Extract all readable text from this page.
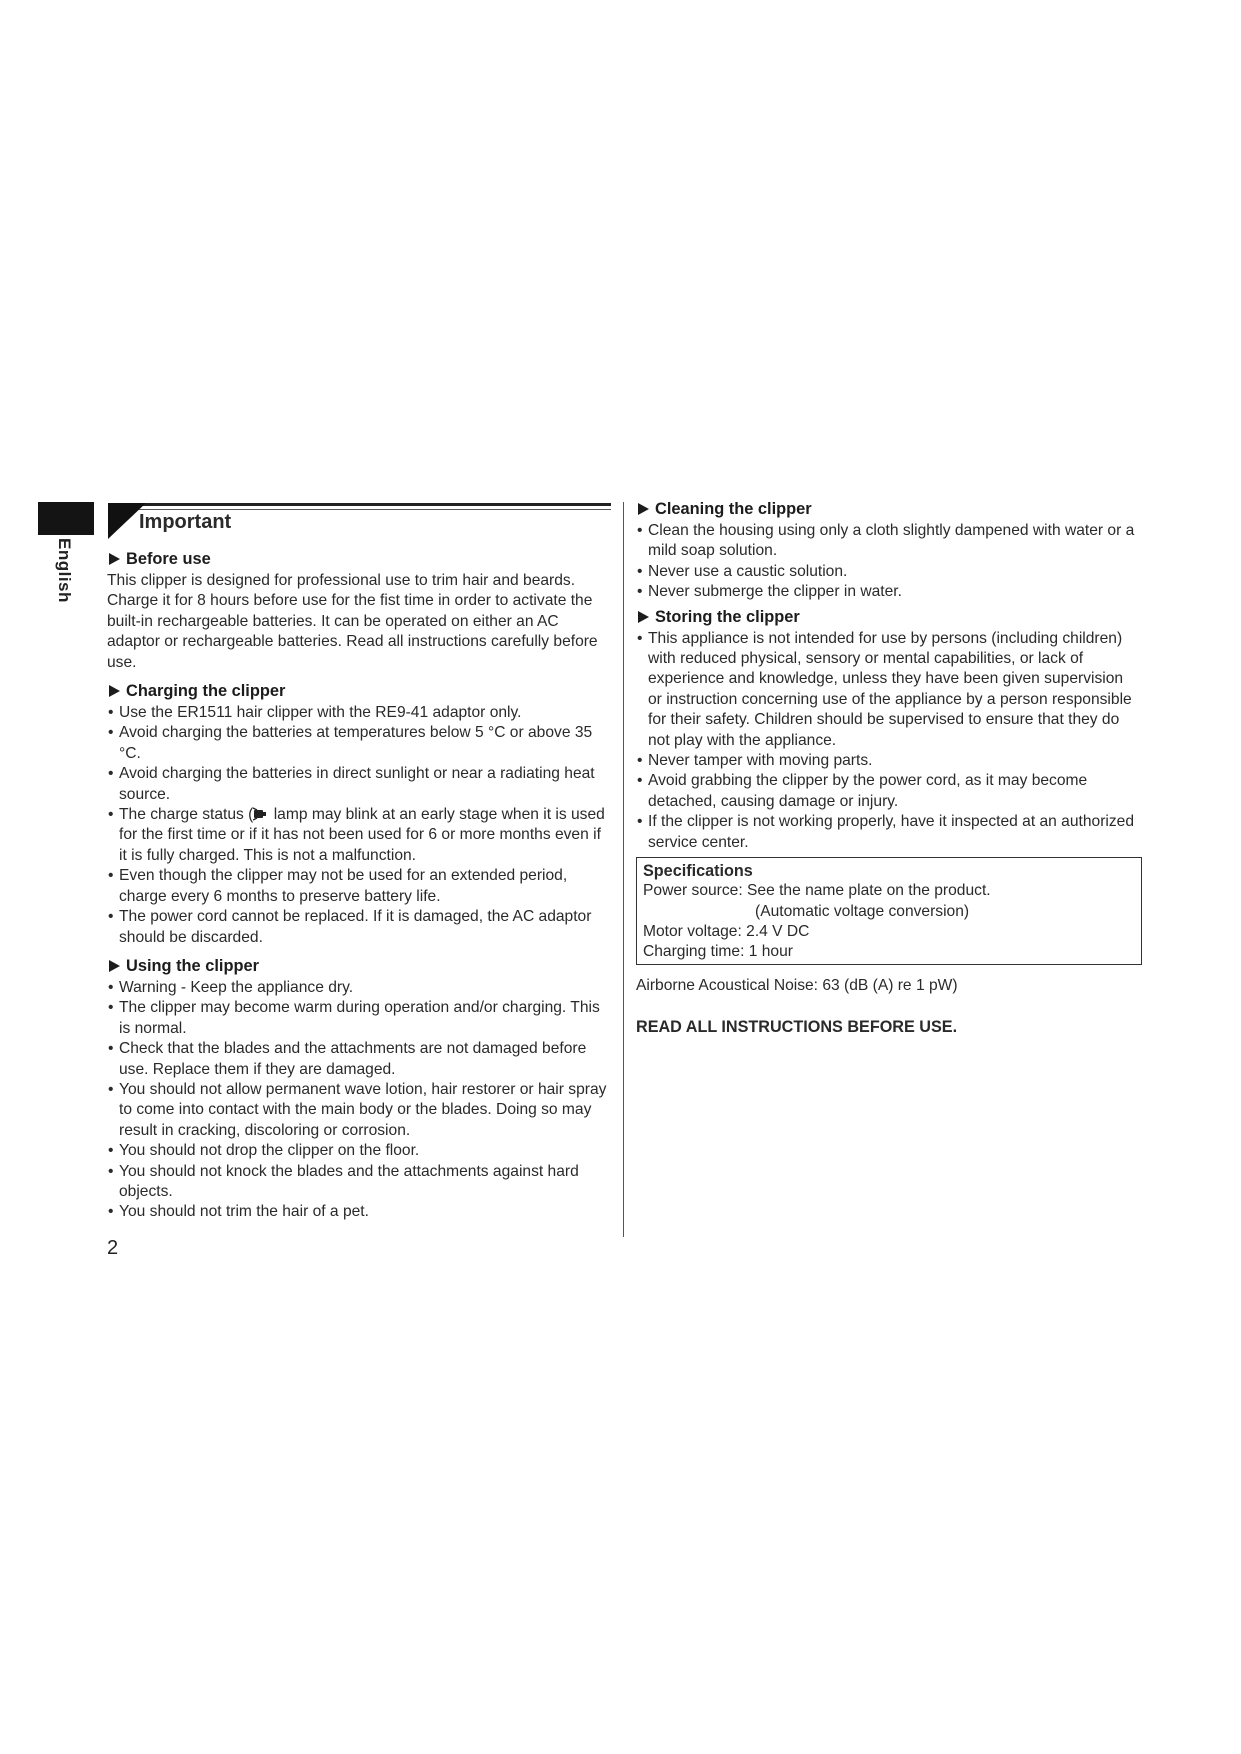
English
Important

Before use

This clipper is designed for professional use to trim hair and beards. Charge it for 8 hours before use for the fist time in order to activate the built-in rechargeable batteries. It can be operated on either an AC adaptor or rechargeable batteries. Read all instructions carefully before use.

Charging the clipper

• Use the ER1511 hair clipper with the RE9-41 adaptor only.
• Avoid charging the batteries at temperatures below 5 °C or above 35 °C.
• Avoid charging the batteries in direct sunlight or near a radiating heat source.
• The charge status ( lamp may blink at an early stage when it is used for the first time or if it has not been used for 6 or more months even if it is fully charged. This is not a malfunction.
• Even though the clipper may not be used for an extended period, charge every 6 months to preserve battery life.
• The power cord cannot be replaced. If it is damaged, the AC adaptor should be discarded.

Using the clipper

• Warning - Keep the appliance dry.
• The clipper may become warm during operation and/or charging. This is normal.
• Check that the blades and the attachments are not damaged before use. Replace them if they are damaged.
• You should not allow permanent wave lotion, hair restorer or hair spray to come into contact with the main body or the blades. Doing so may result in cracking, discoloring or corrosion.
• You should not drop the clipper on the floor.
• You should not knock the blades and the attachments against hard objects.
• You should not trim the hair of a pet.

Cleaning the clipper

• Clean the housing using only a cloth slightly dampened with water or a mild soap solution.
• Never use a caustic solution.
• Never submerge the clipper in water.

Storing the clipper

• This appliance is not intended for use by persons (including children) with reduced physical, sensory or mental capabilities, or lack of experience and knowledge, unless they have been given supervision or instruction concerning use of the appliance by a person responsible for their safety. Children should be supervised to ensure that they do not play with the appliance.
• Never tamper with moving parts.
• Avoid grabbing the clipper by the power cord, as it may become detached, causing damage or injury.
• If the clipper is not working properly, have it inspected at an authorized service center.
Specifications
Power source: See the name plate on the product.
(Automatic voltage conversion)
Motor voltage: 2.4 V DC
Charging time: 1 hour
Airborne Acoustical Noise: 63 (dB (A) re 1 pW)
READ ALL INSTRUCTIONS BEFORE USE.
2
